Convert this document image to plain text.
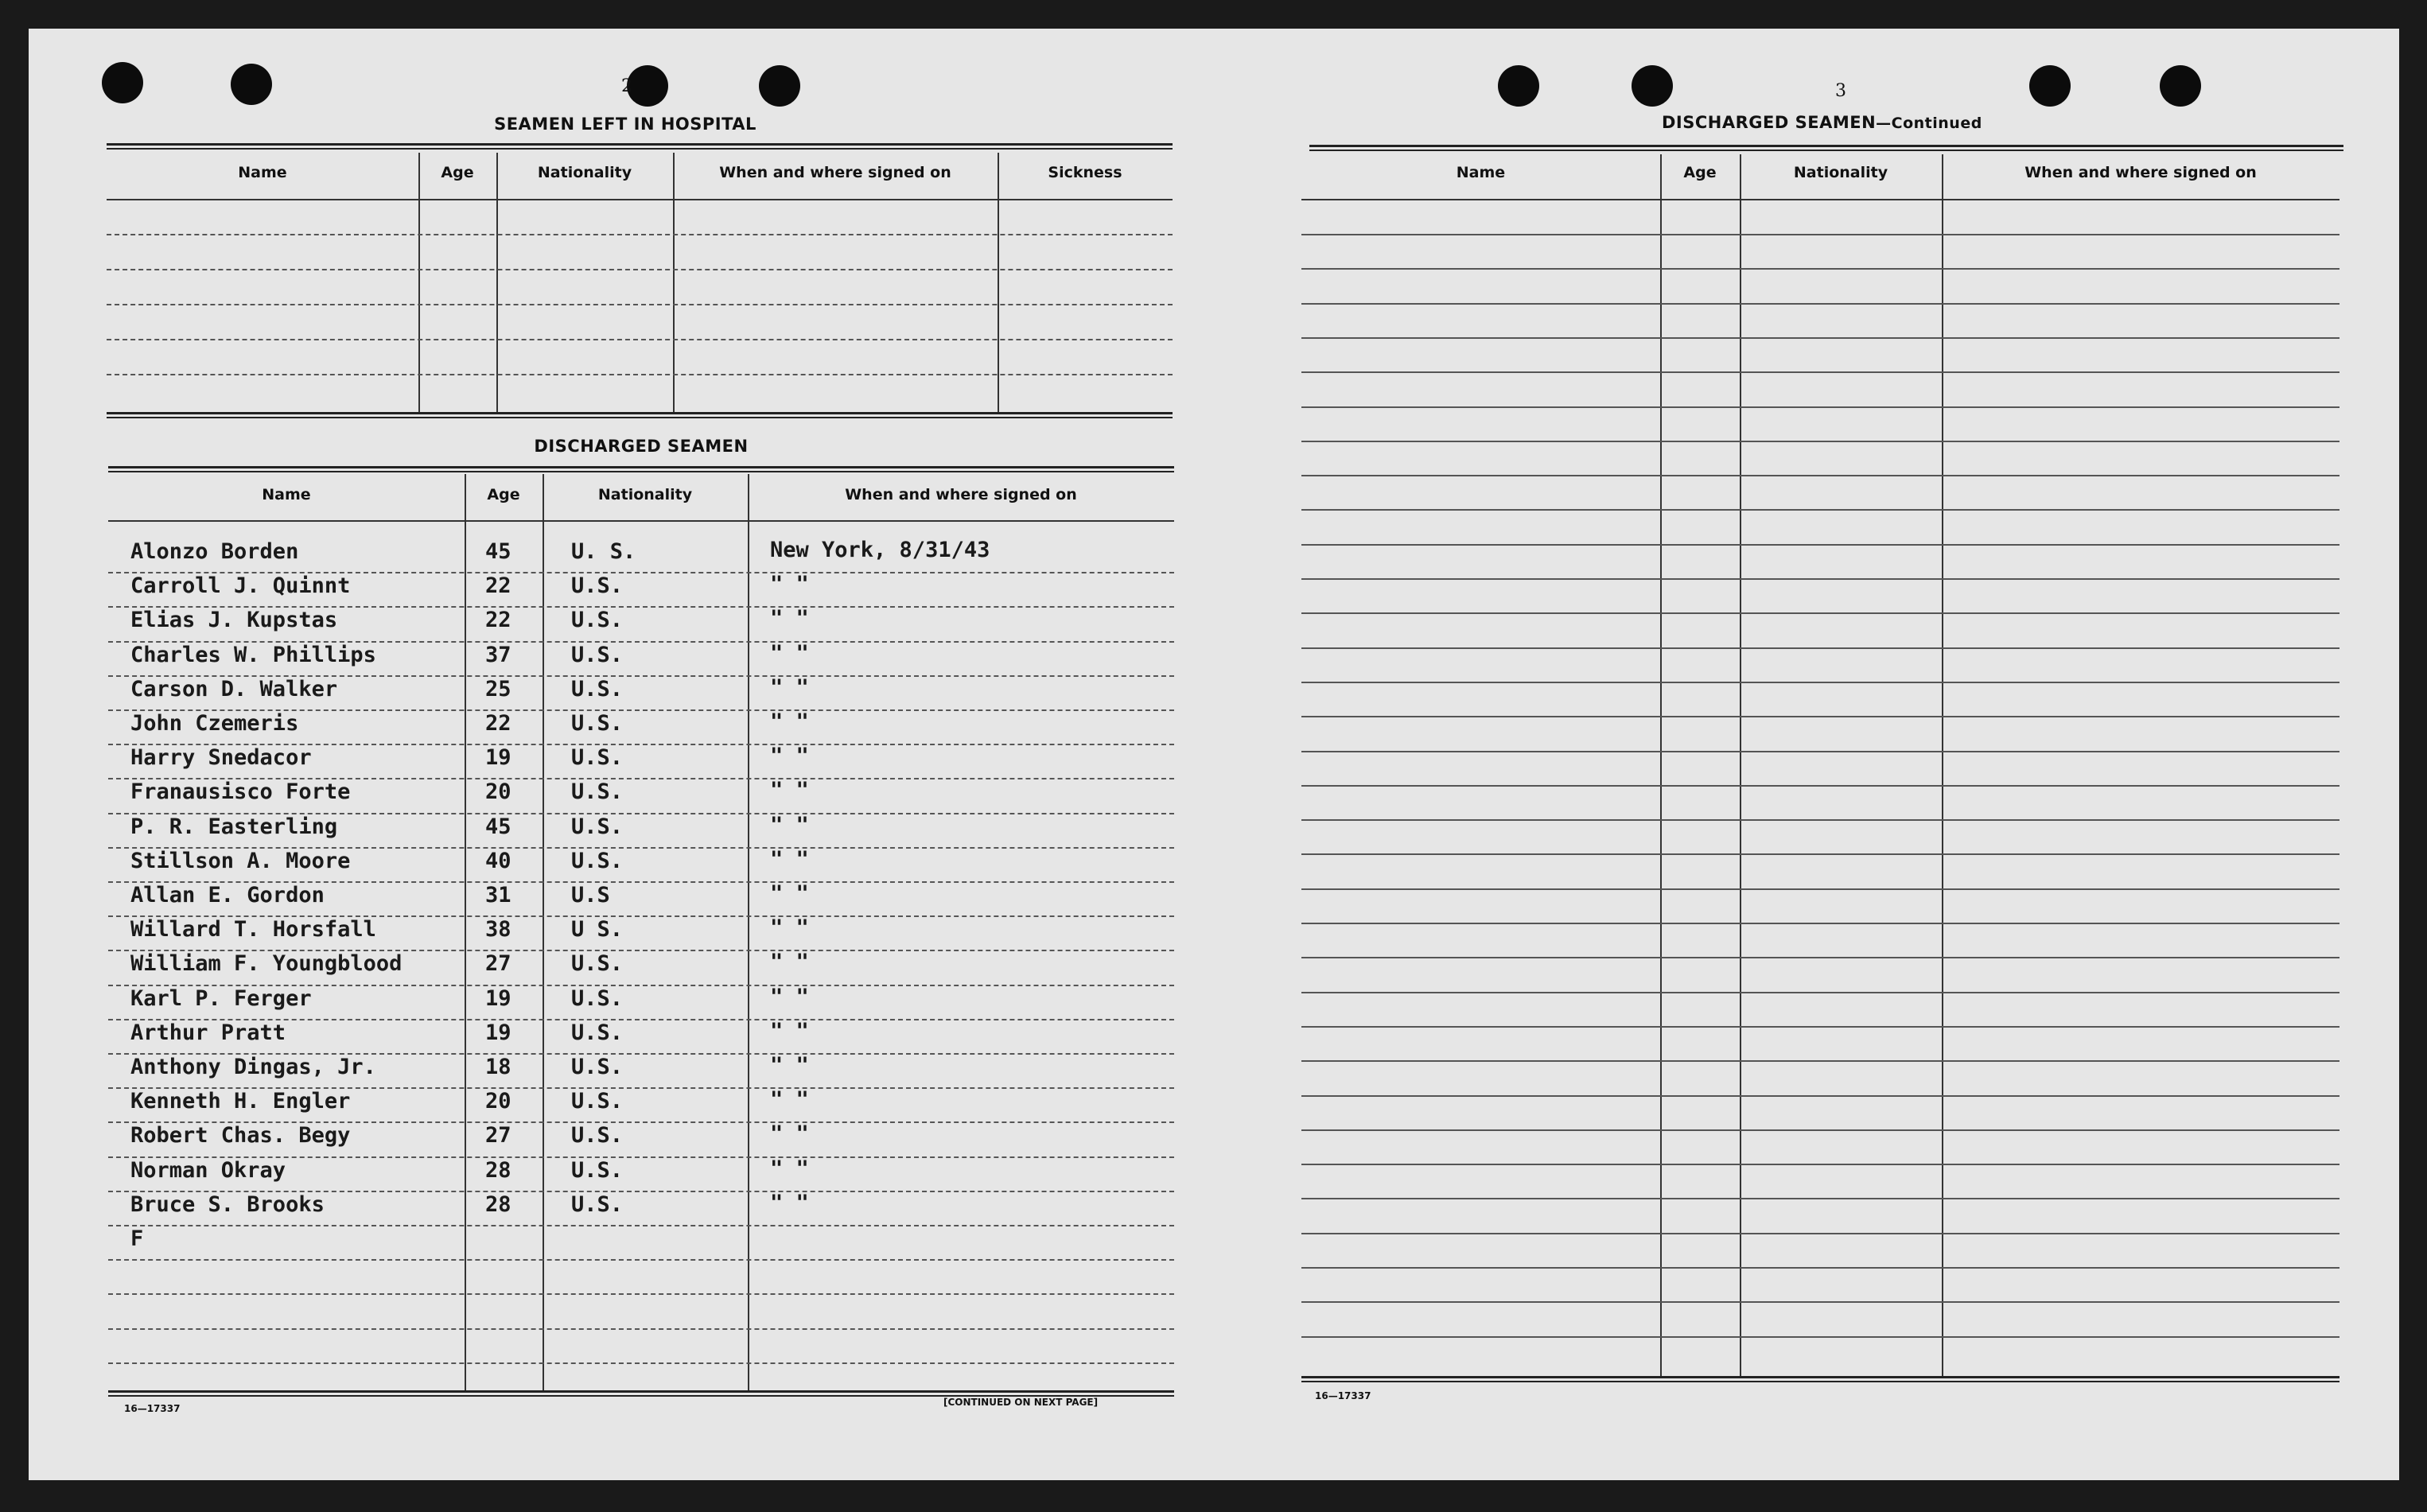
2
SEAMEN LEFT IN HOSPITAL
Name	Age	Nationality	When and where signed on	Sickness
DISCHARGED SEAMEN
Name	Age	Nationality	When and where signed on
Alonzo Borden	45	U. S.	New York, 8/31/43
Carroll J. Quinnt	22	U.S.	" "
Elias J. Kupstas	22	U.S.	" "
Charles W. Phillips	37	U.S.	" "
Carson D. Walker	25	U.S.	" "
John Czemeris	22	U.S.	" "
Harry Snedacor	19	U.S.	" "
Franausisco Forte	20	U.S.	" "
P. R. Easterling	45	U.S.	" "
Stillson A. Moore	40	U.S.	" "
Allan E. Gordon	31	U.S	" "
Willard T. Horsfall	38	U S.	" "
William F. Youngblood	27	U.S.	" "
Karl P. Ferger	19	U.S.	" "
Arthur Pratt	19	U.S.	" "
Anthony Dingas, Jr.	18	U.S.	" "
Kenneth H. Engler	20	U.S.	" "
Robert Chas. Begy	27	U.S.	" "
Norman Okray	28	U.S.	" "
Bruce S. Brooks	28	U.S.	" "
F
16—17337
[CONTINUED ON NEXT PAGE]
3
DISCHARGED SEAMEN—Continued
Name	Age	Nationality	When and where signed on
16—17337
